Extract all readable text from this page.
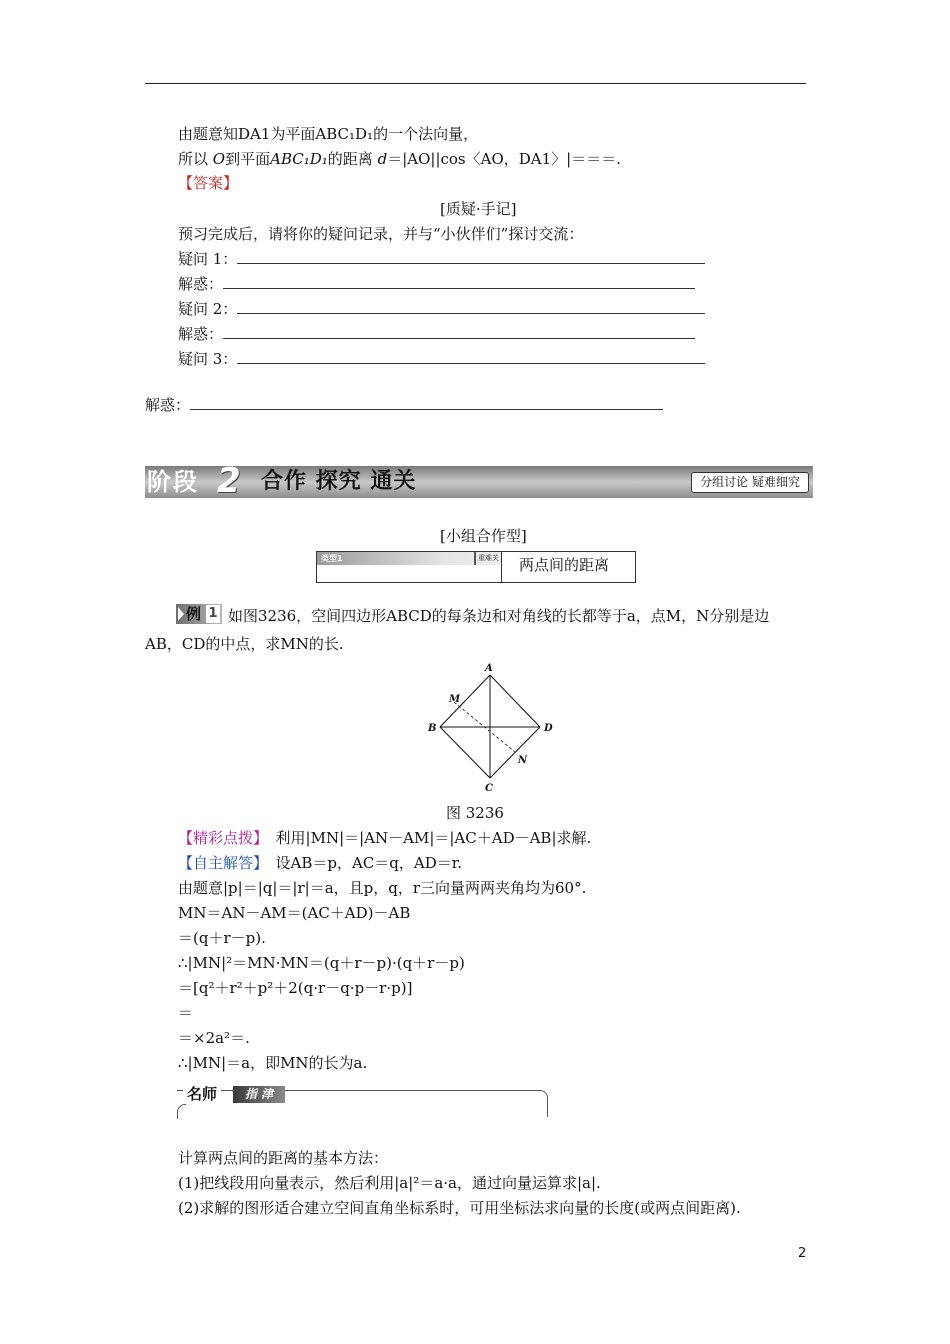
由题意知DA1为平面ABC₁D₁的一个法向量，
所以 O到平面ABC₁D₁的距离 d＝|AO||cos〈AO，DA1〉|＝＝＝.
【答案】
[质疑·手记]
预习完成后，请将你的疑问记录，并与“小伙伴们”探讨交流：
疑问 1：
解惑：
疑问 2：
解惑：
疑问 3：
解惑：
阶段 2 合作 探究 通关	分组讨论 疑难细究
[小组合作型]
类型1	重难关 两点间的距离
例 1 如图3236，空间四边形ABCD的每条边和对角线的长都等于a，点M，N分别是边
AB，CD的中点，求MN的长.
A
B
C
D
M
N
图 3236
【精彩点拨】　 利用|MN|＝|AN－AM|＝|AC＋AD－AB|求解.
【自主解答】　 设AB＝p，AC＝q，AD＝r.
由题意|p|＝|q|＝|r|＝a，且p，q，r三向量两两夹角均为60°.
MN＝AN－AM＝(AC＋AD)－AB
＝(q＋r－p).
∴|MN|²＝MN·MN＝(q＋r－p)·(q＋r－p)
＝[q²＋r²＋p²＋2(q·r－q·p－r·p)]
＝
＝×2a²＝.
∴|MN|＝a，即MN的长为a.
名师	指 津
计算两点间的距离的基本方法：
(1)把线段用向量表示，然后利用|a|²＝a·a，通过向量运算求|a|.
(2)求解的图形适合建立空间直角坐标系时，可用坐标法求向量的长度(或两点间距离).
2
